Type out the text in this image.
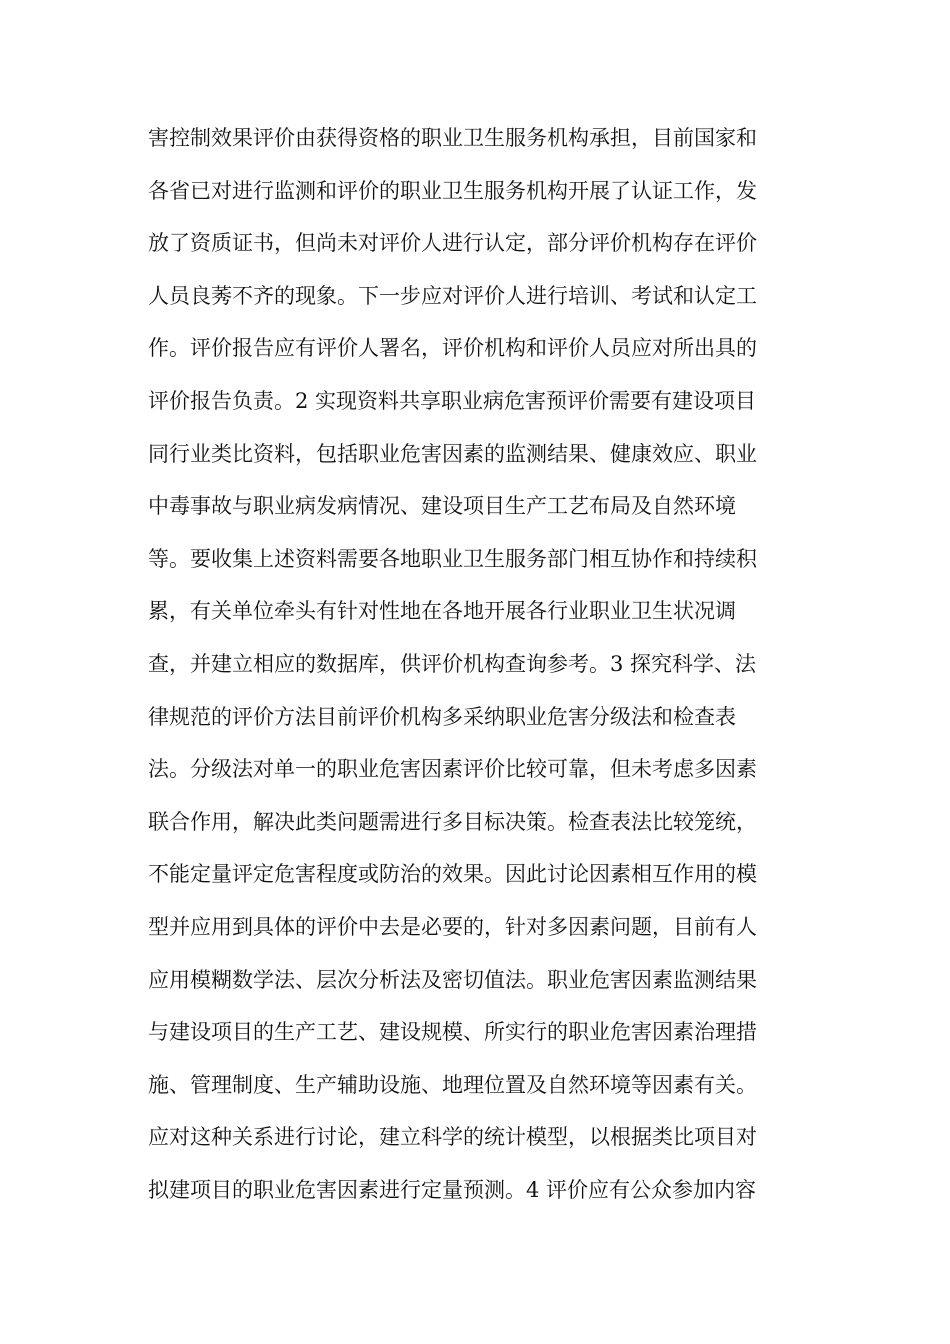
害控制效果评价由获得资格的职业卫生服务机构承担，目前国家和
各省已对进行监测和评价的职业卫生服务机构开展了认证工作，发
放了资质证书，但尚未对评价人进行认定，部分评价机构存在评价
人员良莠不齐的现象。下一步应对评价人进行培训、考试和认定工
作。评价报告应有评价人署名，评价机构和评价人员应对所出具的
评价报告负责。2 实现资料共享职业病危害预评价需要有建设项目
同行业类比资料，包括职业危害因素的监测结果、健康效应、职业
中毒事故与职业病发病情况、建设项目生产工艺布局及自然环境
等。要收集上述资料需要各地职业卫生服务部门相互协作和持续积
累，有关单位牵头有针对性地在各地开展各行业职业卫生状况调
查，并建立相应的数据库，供评价机构查询参考。3 探究科学、法
律规范的评价方法目前评价机构多采纳职业危害分级法和检查表
法。分级法对单一的职业危害因素评价比较可靠，但未考虑多因素
联合作用，解决此类问题需进行多目标决策。检查表法比较笼统，
不能定量评定危害程度或防治的效果。因此讨论因素相互作用的模
型并应用到具体的评价中去是必要的，针对多因素问题，目前有人
应用模糊数学法、层次分析法及密切值法。职业危害因素监测结果
与建设项目的生产工艺、建设规模、所实行的职业危害因素治理措
施、管理制度、生产辅助设施、地理位置及自然环境等因素有关。
应对这种关系进行讨论，建立科学的统计模型，以根据类比项目对
拟建项目的职业危害因素进行定量预测。4 评价应有公众参加内容
